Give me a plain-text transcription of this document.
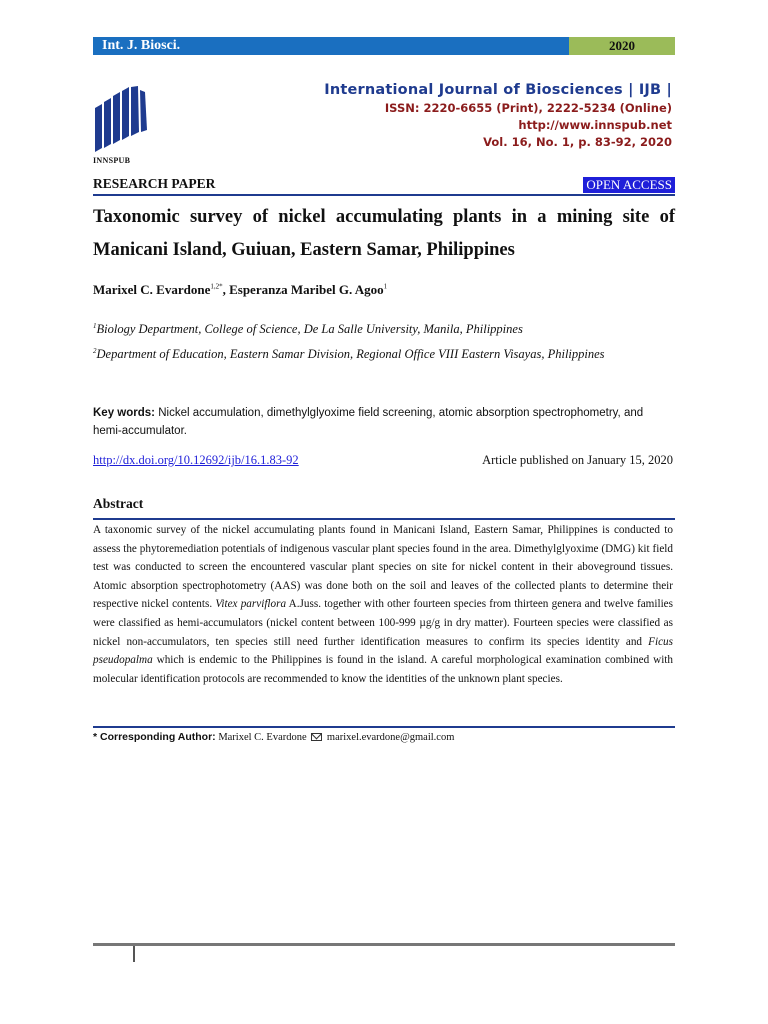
Int. J. Biosci.	2020
INNSPUB
International Journal of Biosciences | IJB |
ISSN: 2220-6655 (Print), 2222-5234 (Online)
http://www.innspub.net
Vol. 16, No. 1, p. 83-92, 2020
RESEARCH PAPER	OPEN ACCESS
Taxonomic survey of nickel accumulating plants in a mining site of Manicani Island, Guiuan, Eastern Samar, Philippines
Marixel C. Evardone$^{1,2*}$, Esperanza Maribel G. Agoo$^1$
$^1$Biology Department, College of Science, De La Salle University, Manila, Philippines
$^2$Department of Education, Eastern Samar Division, Regional Office VIII Eastern Visayas, Philippines
Key words: Nickel accumulation, dimethylglyoxime field screening, atomic absorption spectrophometry, and hemi-accumulator.
http://dx.doi.org/10.12692/ijb/16.1.83-92	Article published on January 15, 2020
Abstract
A taxonomic survey of the nickel accumulating plants found in Manicani Island, Eastern Samar, Philippines is conducted to assess the phytoremediation potentials of indigenous vascular plant species found in the area. Dimethylglyoxime (DMG) kit field test was conducted to screen the encountered vascular plant species on site for nickel content in their aboveground tissues. Atomic absorption spectrophotometry (AAS) was done both on the soil and leaves of the collected plants to determine their respective nickel contents. Vitex parviflora A.Juss. together with other fourteen species from thirteen genera and twelve families were classified as hemi-accumulators (nickel content between 100-999 µg/g in dry matter). Fourteen species were classified as nickel non-accumulators, ten species still need further identification measures to confirm its species identity and Ficus pseudopalma which is endemic to the Philippines is found in the island. A careful morphological examination combined with molecular identification protocols are recommended to know the identities of the unknown plant species.
* Corresponding Author: Marixel C. Evardone marixel.evardone@gmail.com
